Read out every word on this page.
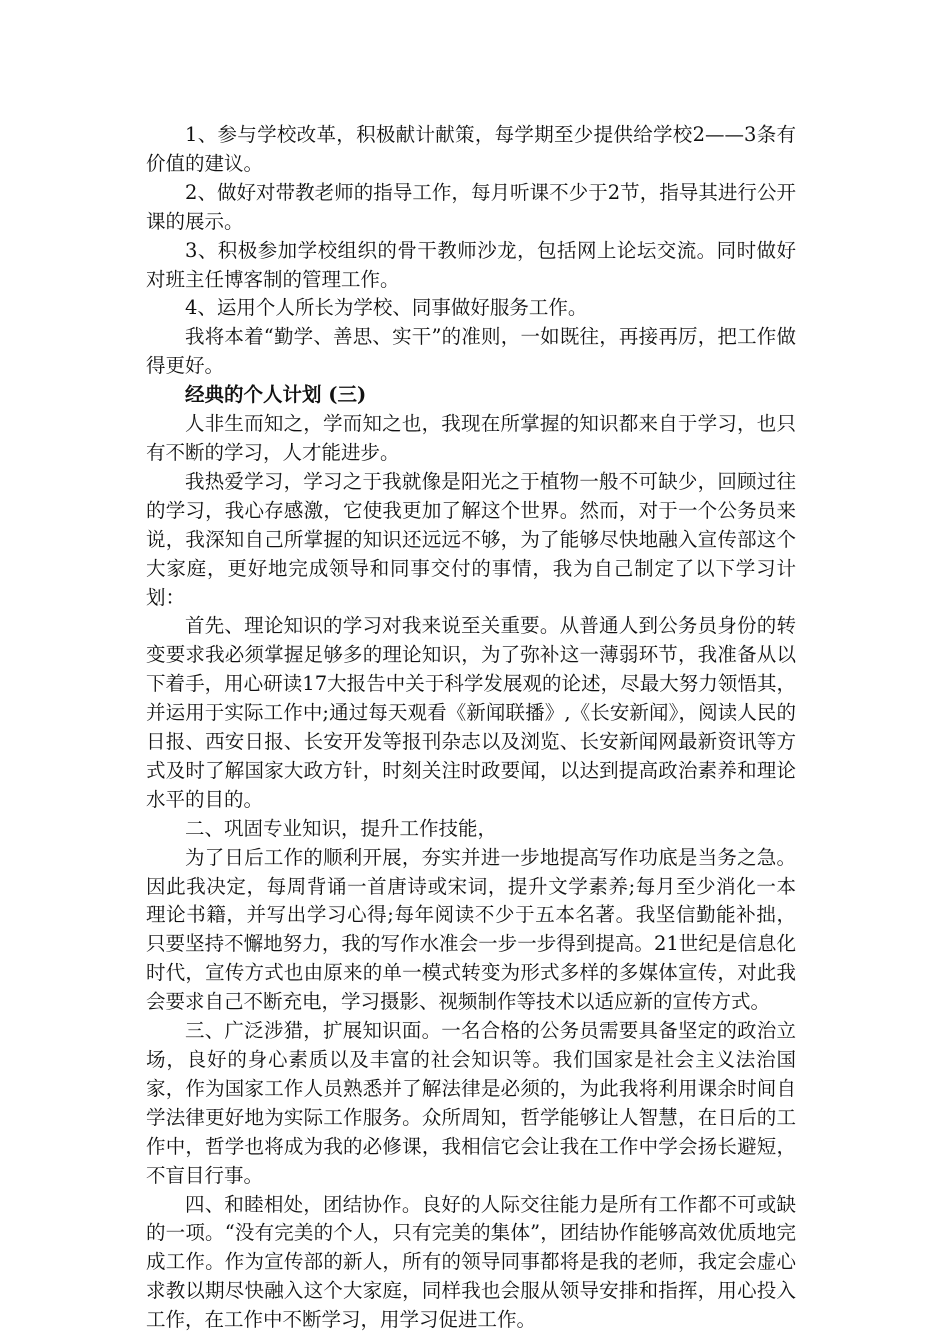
1、参与学校改革，积极献计献策，每学期至少提供给学校2——3条有价值的建议。

2、做好对带教老师的指导工作，每月听课不少于2节，指导其进行公开课的展示。

3、积极参加学校组织的骨干教师沙龙，包括网上论坛交流。同时做好对班主任博客制的管理工作。

4、运用个人所长为学校、同事做好服务工作。

我将本着“勤学、善思、实干”的准则，一如既往，再接再厉，把工作做得更好。

经典的个人计划 (三)

人非生而知之，学而知之也，我现在所掌握的知识都来自于学习，也只有不断的学习，人才能进步。

我热爱学习，学习之于我就像是阳光之于植物一般不可缺少，回顾过往的学习，我心存感激，它使我更加了解这个世界。然而，对于一个公务员来说，我深知自己所掌握的知识还远远不够，为了能够尽快地融入宣传部这个大家庭，更好地完成领导和同事交付的事情，我为自己制定了以下学习计划：

首先、理论知识的学习对我来说至关重要。从普通人到公务员身份的转变要求我必须掌握足够多的理论知识，为了弥补这一薄弱环节，我准备从以下着手，用心研读17大报告中关于科学发展观的论述，尽最大努力领悟其，并运用于实际工作中;通过每天观看《新闻联播》,《长安新闻》，阅读人民的日报、西安日报、长安开发等报刊杂志以及浏览、长安新闻网最新资讯等方式及时了解国家大政方针，时刻关注时政要闻，以达到提高政治素养和理论水平的目的。

二、巩固专业知识，提升工作技能，

为了日后工作的顺利开展，夯实并进一步地提高写作功底是当务之急。因此我决定，每周背诵一首唐诗或宋词，提升文学素养;每月至少消化一本理论书籍，并写出学习心得;每年阅读不少于五本名著。我坚信勤能补拙，只要坚持不懈地努力，我的写作水准会一步一步得到提高。21世纪是信息化时代，宣传方式也由原来的单一模式转变为形式多样的多媒体宣传，对此我会要求自己不断充电，学习摄影、视频制作等技术以适应新的宣传方式。

三、广泛涉猎，扩展知识面。一名合格的公务员需要具备坚定的政治立场，良好的身心素质以及丰富的社会知识等。我们国家是社会主义法治国家，作为国家工作人员熟悉并了解法律是必须的，为此我将利用课余时间自学法律更好地为实际工作服务。众所周知，哲学能够让人智慧，在日后的工作中，哲学也将成为我的必修课，我相信它会让我在工作中学会扬长避短，不盲目行事。

四、和睦相处，团结协作。良好的人际交往能力是所有工作都不可或缺的一项。“没有完美的个人，只有完美的集体”，团结协作能够高效优质地完成工作。作为宣传部的新人，所有的领导同事都将是我的老师，我定会虚心求教以期尽快融入这个大家庭，同样我也会服从领导安排和指挥，用心投入工作，在工作中不断学习，用学习促进工作。
